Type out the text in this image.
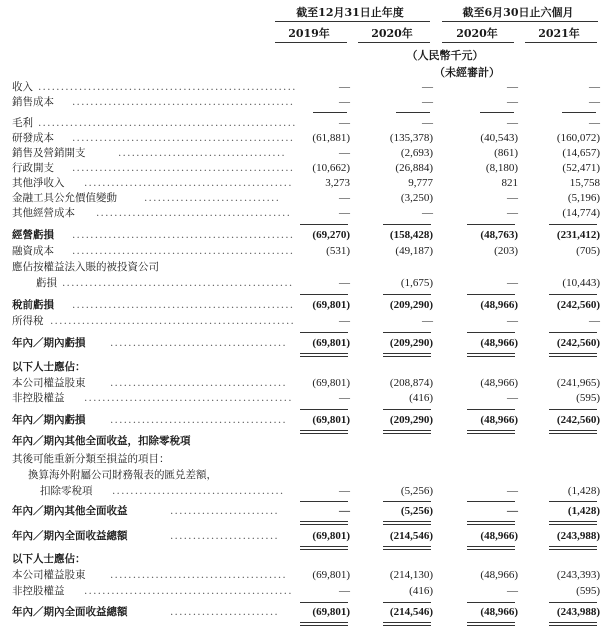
截至12月31日止年度	截至6月30日止六個月
2019年	2020年	2020年	2021年
（人民幣千元）
（未經審計）
收入 .........................................................	—	—	—	—
銷售成本 .................................................	—	—	—	—
毛利 .........................................................	—	—	—	—
研發成本 .................................................	(61,881)	(135,378)	(40,543)	(160,072)
銷售及營銷開支	.....................................	—	(2,693)	(861)	(14,657)
行政開支 .................................................	(10,662)	(26,884)	(8,180)	(52,471)
其他淨收入 ..............................................	3,273	9,777	821	15,758
金融工具公允價值變動	..............................	—	(3,250)	—	(5,196)
其他經營成本 ...........................................	—	—	—	(14,774)
經營虧損 .................................................	(69,270)	(158,428)	(48,763)	(231,412)
融資成本 .................................................	(531)	(49,187)	(203)	(705)
應佔按權益法入賬的被投資公司
虧損 ...................................................	—	(1,675)	—	(10,443)
稅前虧損 .................................................	(69,801)	(209,290)	(48,966)	(242,560)
所得稅 ......................................................	—	—	—	—
年內／期內虧損 .......................................	(69,801)	(209,290)	(48,966)	(242,560)
以下人士應佔：
本公司權益股東 .......................................	(69,801)	(208,874)	(48,966)	(241,965)
非控股權益 ..............................................	—	(416)	—	(595)
年內／期內虧損 .......................................	(69,801)	(209,290)	(48,966)	(242,560)
年內／期內其他全面收益，扣除零稅項
其後可能重新分類至損益的項目：
換算海外附屬公司財務報表的匯兑差額，
扣除零稅項 ......................................	—	(5,256)	—	(1,428)
年內／期內其他全面收益	........................	—	(5,256)	—	(1,428)
年內／期內全面收益總額	........................	(69,801)	(214,546)	(48,966)	(243,988)
以下人士應佔：
本公司權益股東 .......................................	(69,801)	(214,130)	(48,966)	(243,393)
非控股權益 ..............................................	—	(416)	—	(595)
年內／期內全面收益總額	........................	(69,801)	(214,546)	(48,966)	(243,988)
